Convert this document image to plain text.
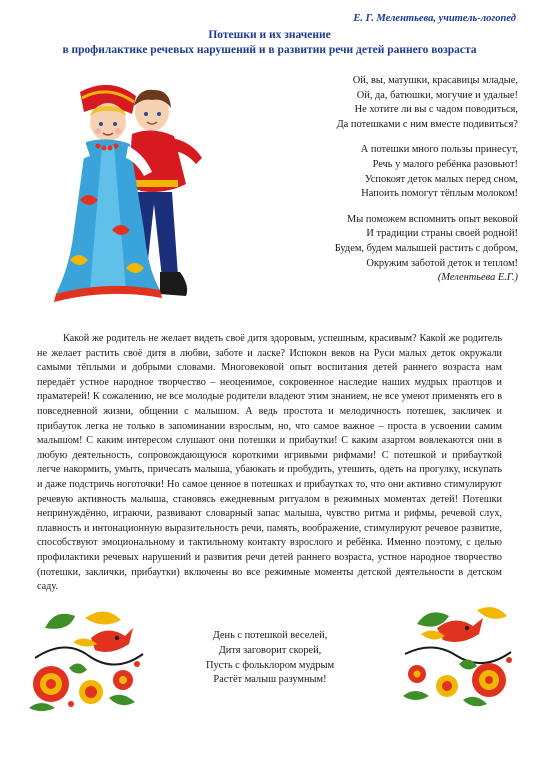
Е. Г. Мелентьева, учитель-логопед
Потешки и их значение
в профилактике речевых нарушений и в развитии речи детей раннего возраста
Ой, вы, матушки, красавицы младые,
Ой, да, батюшки, могучие и удалые!
Не хотите ли вы с чадом поводиться,
Да потешками с ним вместе подивиться?
А потешки много пользы принесут,
Речь у малого ребёнка разовьют!
Успокоят деток малых перед сном,
Напоить помогут тёплым молоком!
Мы поможем вспомнить опыт вековой
И традиции страны своей родной!
Будем, будем малышей растить с добром,
Окружим заботой деток и теплом!
(Мелентьева Е.Г.)

Какой же родитель не желает видеть своё дитя здоровым, успешным, красивым? Какой же родитель не желает растить своё дитя в любви, заботе и ласке? Испокон веков на Руси малых деток окружали самыми тёплыми и добрыми словами. Многовековой опыт воспитания детей раннего возраста нам передаёт устное народное творчество – неоценимое, сокровенное наследие наших мудрых праотцов и праматерей! К сожалению, не все молодые родители владеют этим знанием, не все умеют применять его в повседневной жизни, общении с малышом. А ведь простота и мелодичность потешек, закличек и прибауток легка не только в запоминании взрослым, но, что самое важное – проста в усвоении самим малышом! С каким интересом слушают они потешки и прибаутки! С каким азартом вовлекаются они в любую деятельность, сопровождающуюся короткими игривыми рифмами! С потешкой и прибауткой легче накормить, умыть, причесать малыша, убаюкать и пробудить, утешить, одеть на прогулку, искупать и даже подстричь ноготочки! Но самое ценное в потешках и прибаутках то, что они активно стимулируют речевую активность малыша, становясь ежедневным ритуалом в режимных моментах детей! Потешки непринуждённо, играючи, развивают словарный запас малыша, чувство ритма и рифмы, речевой слух, плавность и интонационную выразительность речи, память, воображение, стимулируют речевое развитие, способствуют эмоциональному и тактильному контакту взрослого и ребёнка. Именно поэтому, с целью профилактики речевых нарушений и развития речи детей раннего возраста, устное народное творчество (потешки, заклички, прибаутки) включены во все режимные моменты детской деятельности в детском саду.

День с потешкой веселей,
Дитя заговорит скорей,
Пусть с фольклором мудрым
Растёт малыш разумным!
